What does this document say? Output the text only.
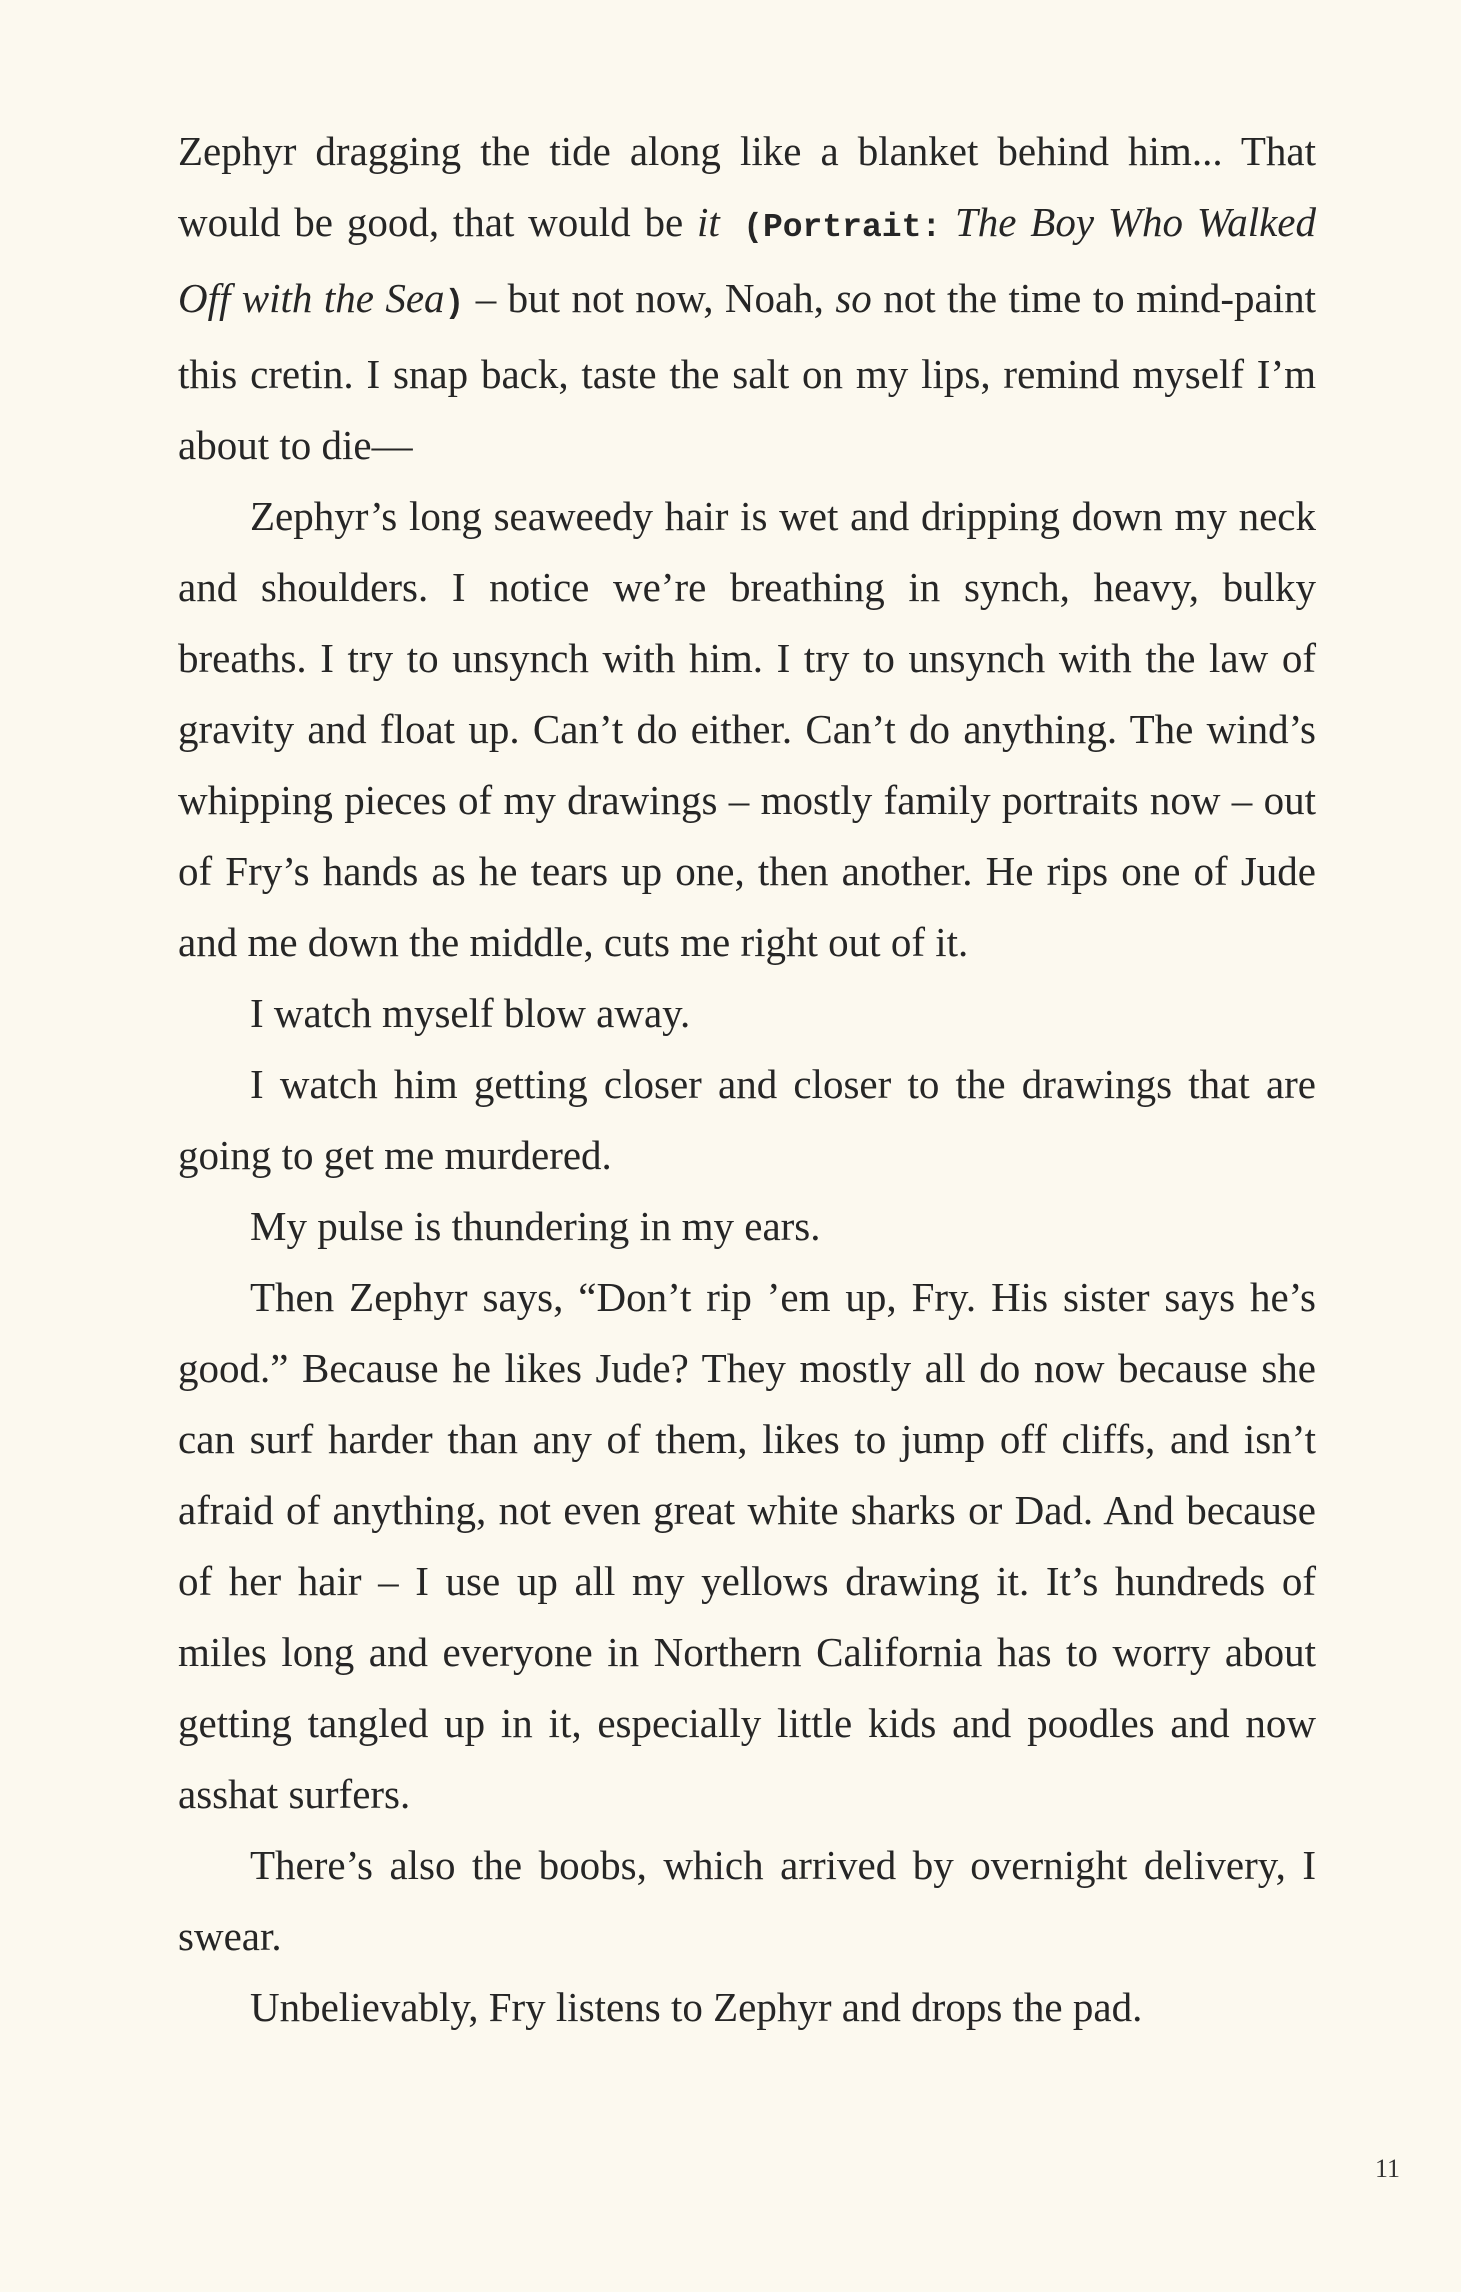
Zephyr dragging the tide along like a blanket behind him... That would be good, that would be it (Portrait: The Boy Who Walked Off with the Sea) – but not now, Noah, so not the time to mind-paint this cretin. I snap back, taste the salt on my lips, remind myself I’m about to die—

Zephyr’s long seaweedy hair is wet and dripping down my neck and shoulders. I notice we’re breathing in synch, heavy, bulky breaths. I try to unsynch with him. I try to unsynch with the law of gravity and float up. Can’t do either. Can’t do anything. The wind’s whipping pieces of my drawings – mostly family portraits now – out of Fry’s hands as he tears up one, then another. He rips one of Jude and me down the middle, cuts me right out of it.

I watch myself blow away.

I watch him getting closer and closer to the drawings that are going to get me murdered.

My pulse is thundering in my ears.

Then Zephyr says, “Don’t rip ’em up, Fry. His sister says he’s good.” Because he likes Jude? They mostly all do now because she can surf harder than any of them, likes to jump off cliffs, and isn’t afraid of anything, not even great white sharks or Dad. And because of her hair – I use up all my yellows drawing it. It’s hundreds of miles long and everyone in Northern California has to worry about getting tangled up in it, especially little kids and poodles and now asshat surfers.

There’s also the boobs, which arrived by overnight delivery, I swear.

Unbelievably, Fry listens to Zephyr and drops the pad.

11
